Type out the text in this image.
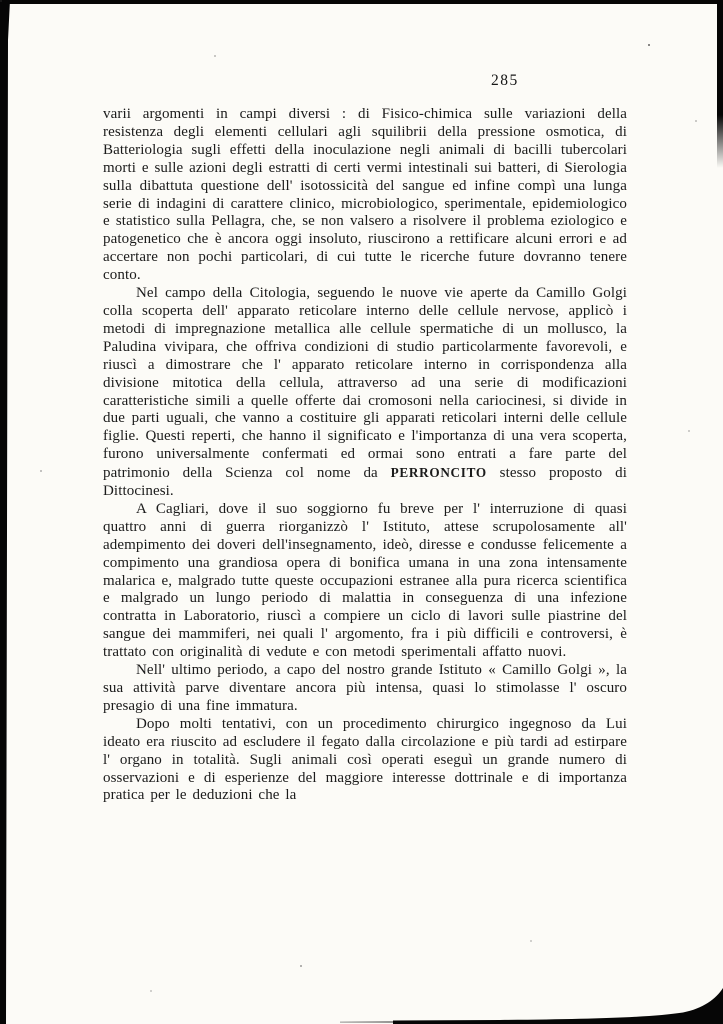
285

varii argomenti in campi diversi : di Fisico-chimica sulle variazioni della resistenza degli elementi cellulari agli squilibrii della pressione osmotica, di Batteriologia sugli effetti della inoculazione negli animali di bacilli tubercolari morti e sulle azioni degli estratti di certi vermi intestinali sui batteri, di Sierologia sulla dibattuta questione dell' isotossicità del sangue ed infine compì una lunga serie di indagini di carattere clinico, microbiologico, sperimentale, epidemiologico e statistico sulla Pellagra, che, se non valsero a risolvere il problema eziologico e patogenetico che è ancora oggi insoluto, riuscirono a rettificare alcuni errori e ad accertare non pochi particolari, di cui tutte le ricerche future dovranno tenere conto.

Nel campo della Citologia, seguendo le nuove vie aperte da Camillo Golgi colla scoperta dell' apparato reticolare interno delle cellule nervose, applicò i metodi di impregnazione metallica alle cellule spermatiche di un mollusco, la Paludina vivipara, che offriva condizioni di studio particolarmente favorevoli, e riuscì a dimostrare che l' apparato reticolare interno in corrispondenza alla divisione mitotica della cellula, attraverso ad una serie di modificazioni caratteristiche simili a quelle offerte dai cromosoni nella cariocinesi, si divide in due parti uguali, che vanno a costituire gli apparati reticolari interni delle cellule figlie. Questi reperti, che hanno il significato e l'importanza di una vera scoperta, furono universalmente confermati ed ormai sono entrati a fare parte del patrimonio della Scienza col nome da PERRONCITO stesso proposto di Dittocinesi.

A Cagliari, dove il suo soggiorno fu breve per l' interruzione di quasi quattro anni di guerra riorganizzò l' Istituto, attese scrupolosamente all' adempimento dei doveri dell'insegnamento, ideò, diresse e condusse felicemente a compimento una grandiosa opera di bonifica umana in una zona intensamente malarica e, malgrado tutte queste occupazioni estranee alla pura ricerca scientifica e malgrado un lungo periodo di malattia in conseguenza di una infezione contratta in Laboratorio, riuscì a compiere un ciclo di lavori sulle piastrine del sangue dei mammiferi, nei quali l' argomento, fra i più difficili e controversi, è trattato con originalità di vedute e con metodi sperimentali affatto nuovi.

Nell' ultimo periodo, a capo del nostro grande Istituto « Camillo Golgi », la sua attività parve diventare ancora più intensa, quasi lo stimolasse l' oscuro presagio di una fine immatura.

Dopo molti tentativi, con un procedimento chirurgico ingegnoso da Lui ideato era riuscito ad escludere il fegato dalla circolazione e più tardi ad estirpare l' organo in totalità. Sugli animali così operati eseguì un grande numero di osservazioni e di esperienze del maggiore interesse dottrinale e di importanza pratica per le deduzioni che la
